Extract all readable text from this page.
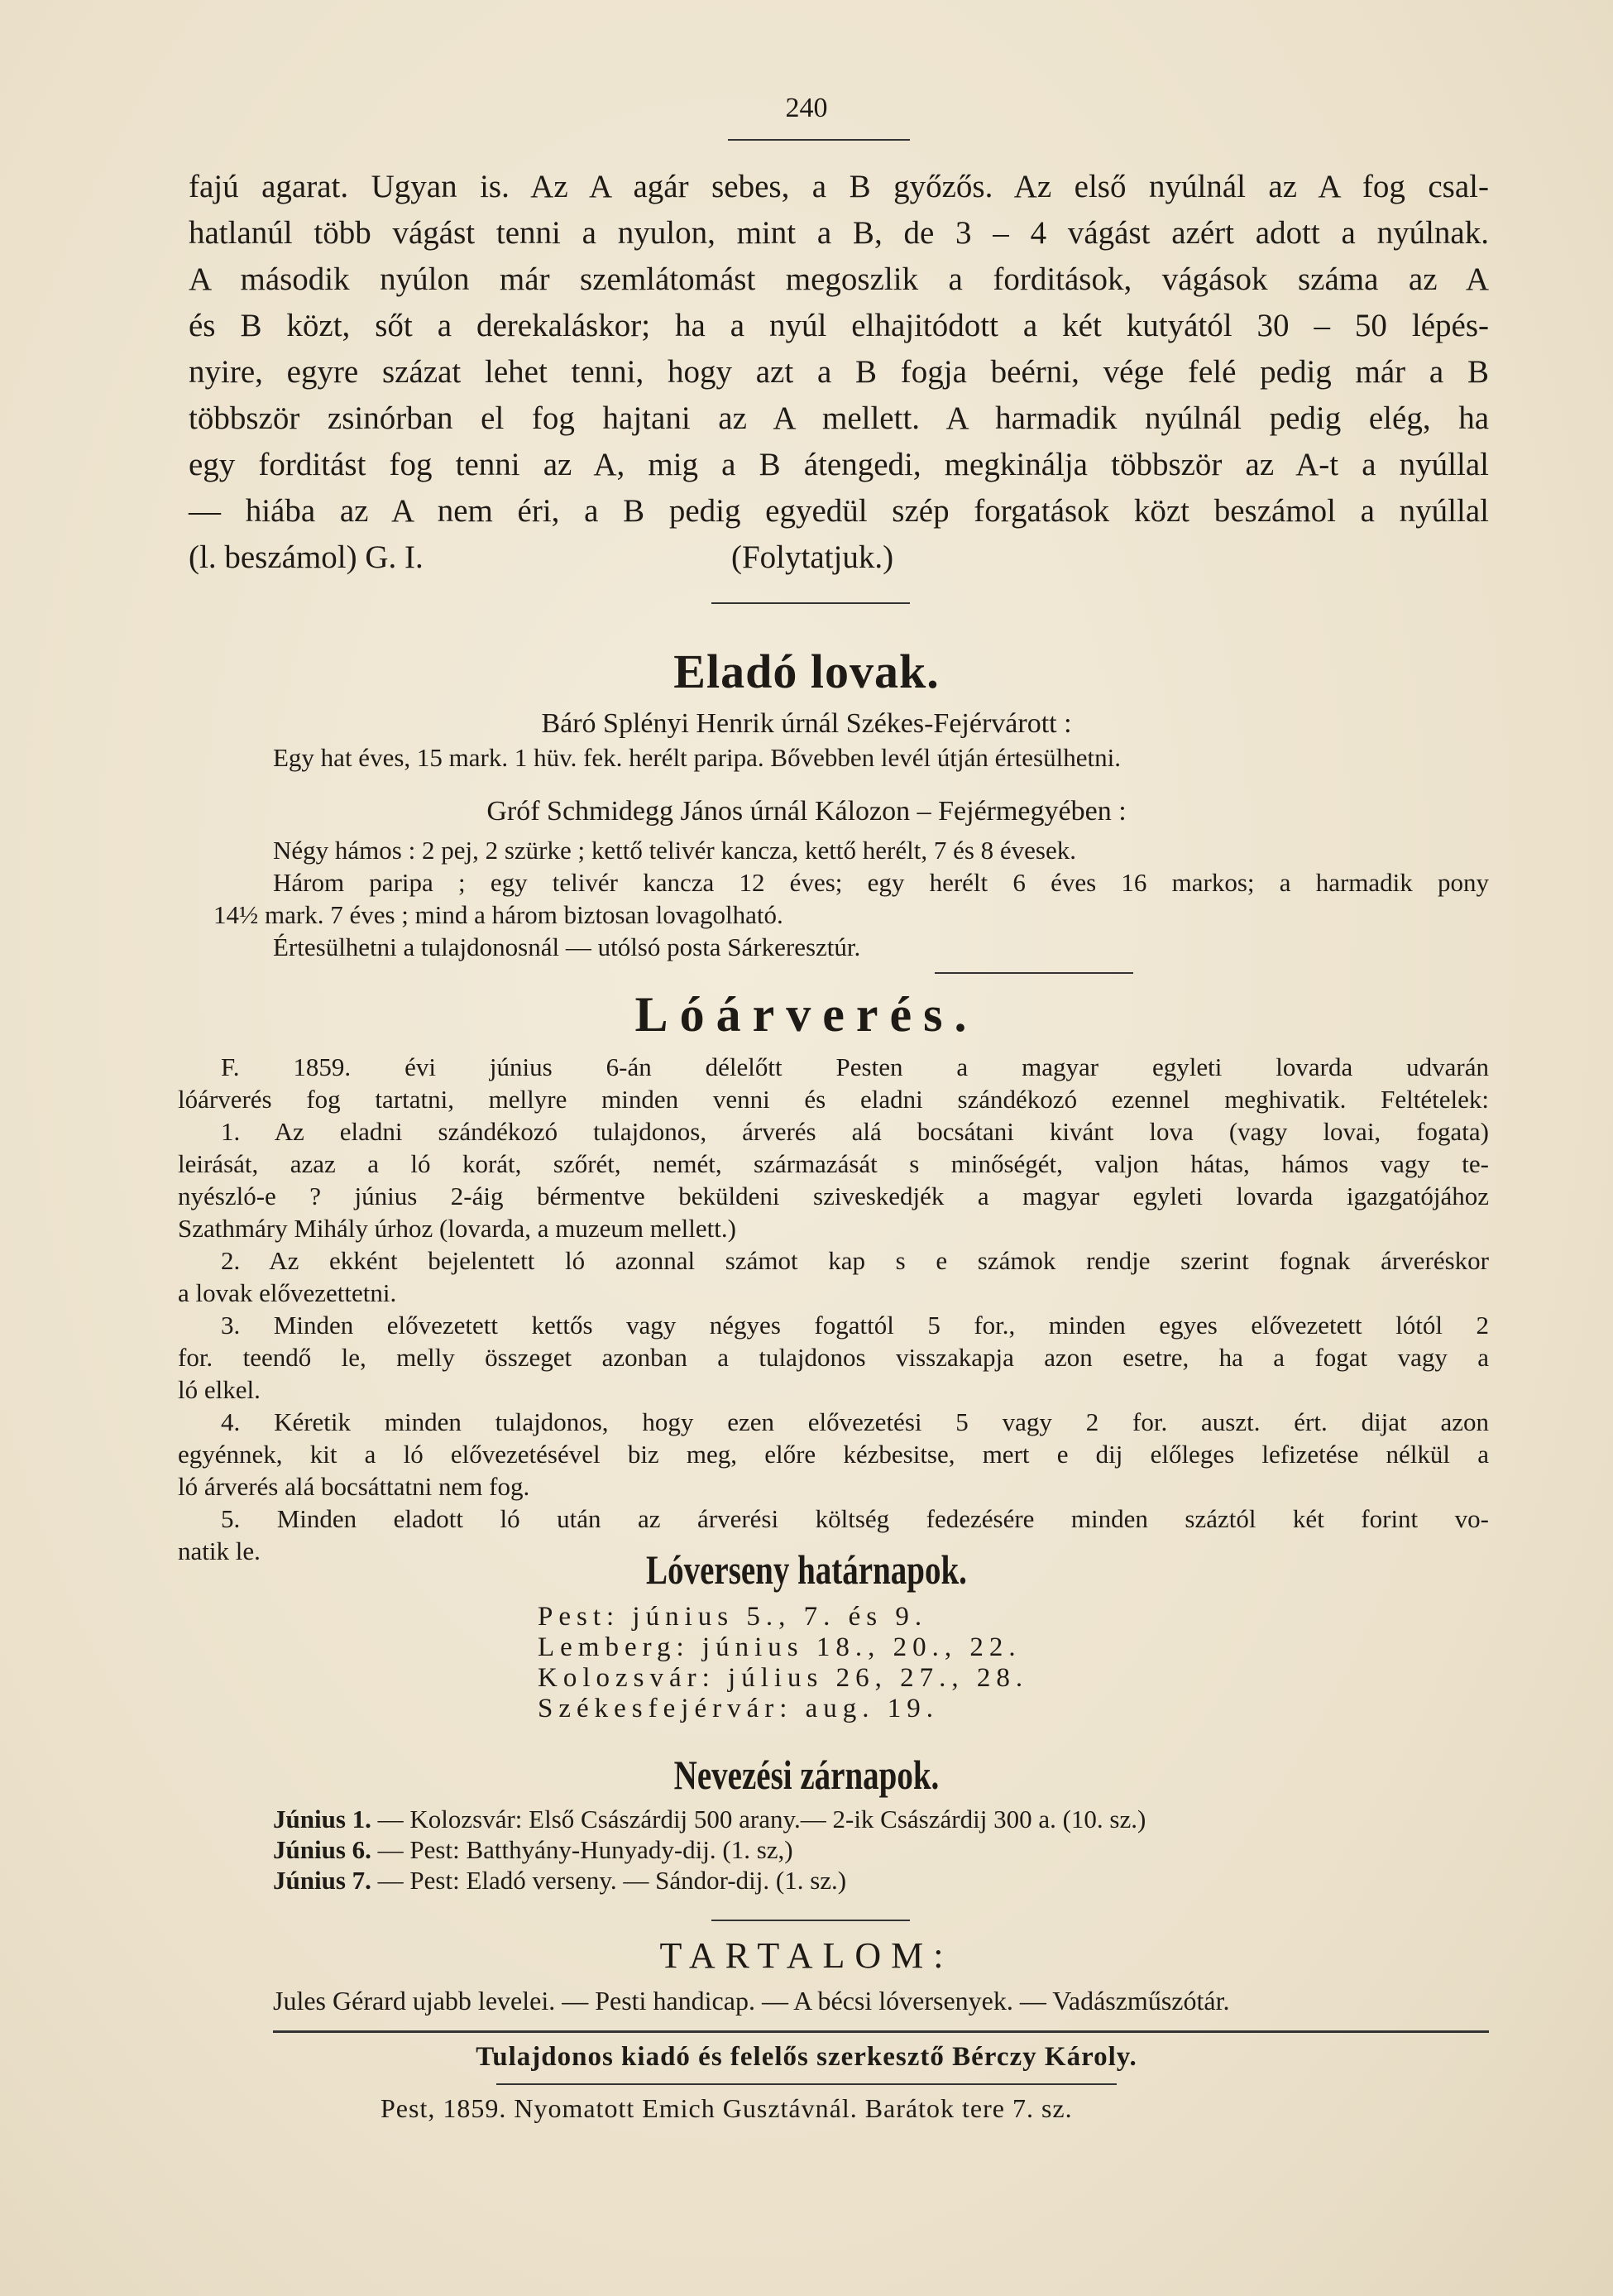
240
fajú agarat. Ugyan is. Az A agár sebes, a B győzős. Az első nyúlnál az A fog csal-
hatlanúl több vágást tenni a nyulon, mint a B, de 3 – 4 vágást azért adott a nyúlnak.
A második nyúlon már szemlátomást megoszlik a forditások, vágások száma az A
és B közt, sőt a derekaláskor; ha a nyúl elhajitódott a két kutyától 30 – 50 lépés-
nyire, egyre százat lehet tenni, hogy azt a B fogja beérni, vége felé pedig már a B
többször zsinórban el fog hajtani az A mellett. A harmadik nyúlnál pedig elég, ha
egy forditást fog tenni az A, mig a B átengedi, megkinálja többször az A-t a nyúllal
— hiába az A nem éri, a B pedig egyedül szép forgatások közt beszámol a nyúllal
(l. beszámol) G. I.	(Folytatjuk.)
Eladó lovak.
Báró Splényi Henrik úrnál Székes-Fejérvárott :
Egy hat éves, 15 mark. 1 hüv. fek. herélt paripa. Bővebben levél útján értesülhetni.
Gróf Schmidegg János úrnál Kálozon – Fejérmegyében :
Négy hámos : 2 pej, 2 szürke ; kettő telivér kancza, kettő herélt, 7 és 8 évesek.
Három paripa ; egy telivér kancza 12 éves; egy herélt 6 éves 16 markos; a harmadik pony
14½ mark. 7 éves ; mind a három biztosan lovagolható.
Értesülhetni a tulajdonosnál — utólsó posta Sárkeresztúr.
Lóárverés.
F. 1859. évi június 6-án délelőtt Pesten a magyar egyleti lovarda udvarán
lóárverés fog tartatni, mellyre minden venni és eladni szándékozó ezennel meghivatik. Feltételek:
1. Az eladni szándékozó tulajdonos, árverés alá bocsátani kivánt lova (vagy lovai, fogata)
leirását, azaz a ló korát, szőrét, nemét, származását s minőségét, valjon hátas, hámos vagy te-
nyészló-e ? június 2-áig bérmentve beküldeni sziveskedjék a magyar egyleti lovarda igazgatójához
Szathmáry Mihály úrhoz (lovarda, a muzeum mellett.)
2. Az ekként bejelentett ló azonnal számot kap s e számok rendje szerint fognak árveréskor
a lovak elővezettetni.
3. Minden elővezetett kettős vagy négyes fogattól 5 for., minden egyes elővezetett lótól 2
for. teendő le, melly összeget azonban a tulajdonos visszakapja azon esetre, ha a fogat vagy a
ló elkel.
4. Kéretik minden tulajdonos, hogy ezen elővezetési 5 vagy 2 for. auszt. ért. dijat azon
egyénnek, kit a ló elővezetésével biz meg, előre kézbesitse, mert e dij előleges lefizetése nélkül a
ló árverés alá bocsáttatni nem fog.
5. Minden eladott ló után az árverési költség fedezésére minden száztól két forint vo-
natik le.	Lóverseny határnapok.
Pest: június 5., 7. és 9.
Lemberg: június 18., 20., 22.
Kolozsvár: július 26, 27., 28.
Székesfejérvár: aug. 19.
Nevezési zárnapok.
Június 1. — Kolozsvár: Első Császárdij 500 arany.— 2-ik Császárdij 300 a. (10. sz.)
Június 6. — Pest: Batthyány-Hunyady-dij. (1. sz,)
Június 7. — Pest: Eladó verseny. — Sándor-dij. (1. sz.)
TARTALOM:
Jules Gérard ujabb levelei. — Pesti handicap. — A bécsi lóversenyek. — Vadászműszótár.
Tulajdonos kiadó és felelős szerkesztő Bérczy Károly.
Pest, 1859. Nyomatott Emich Gusztávnál. Barátok tere 7. sz.
